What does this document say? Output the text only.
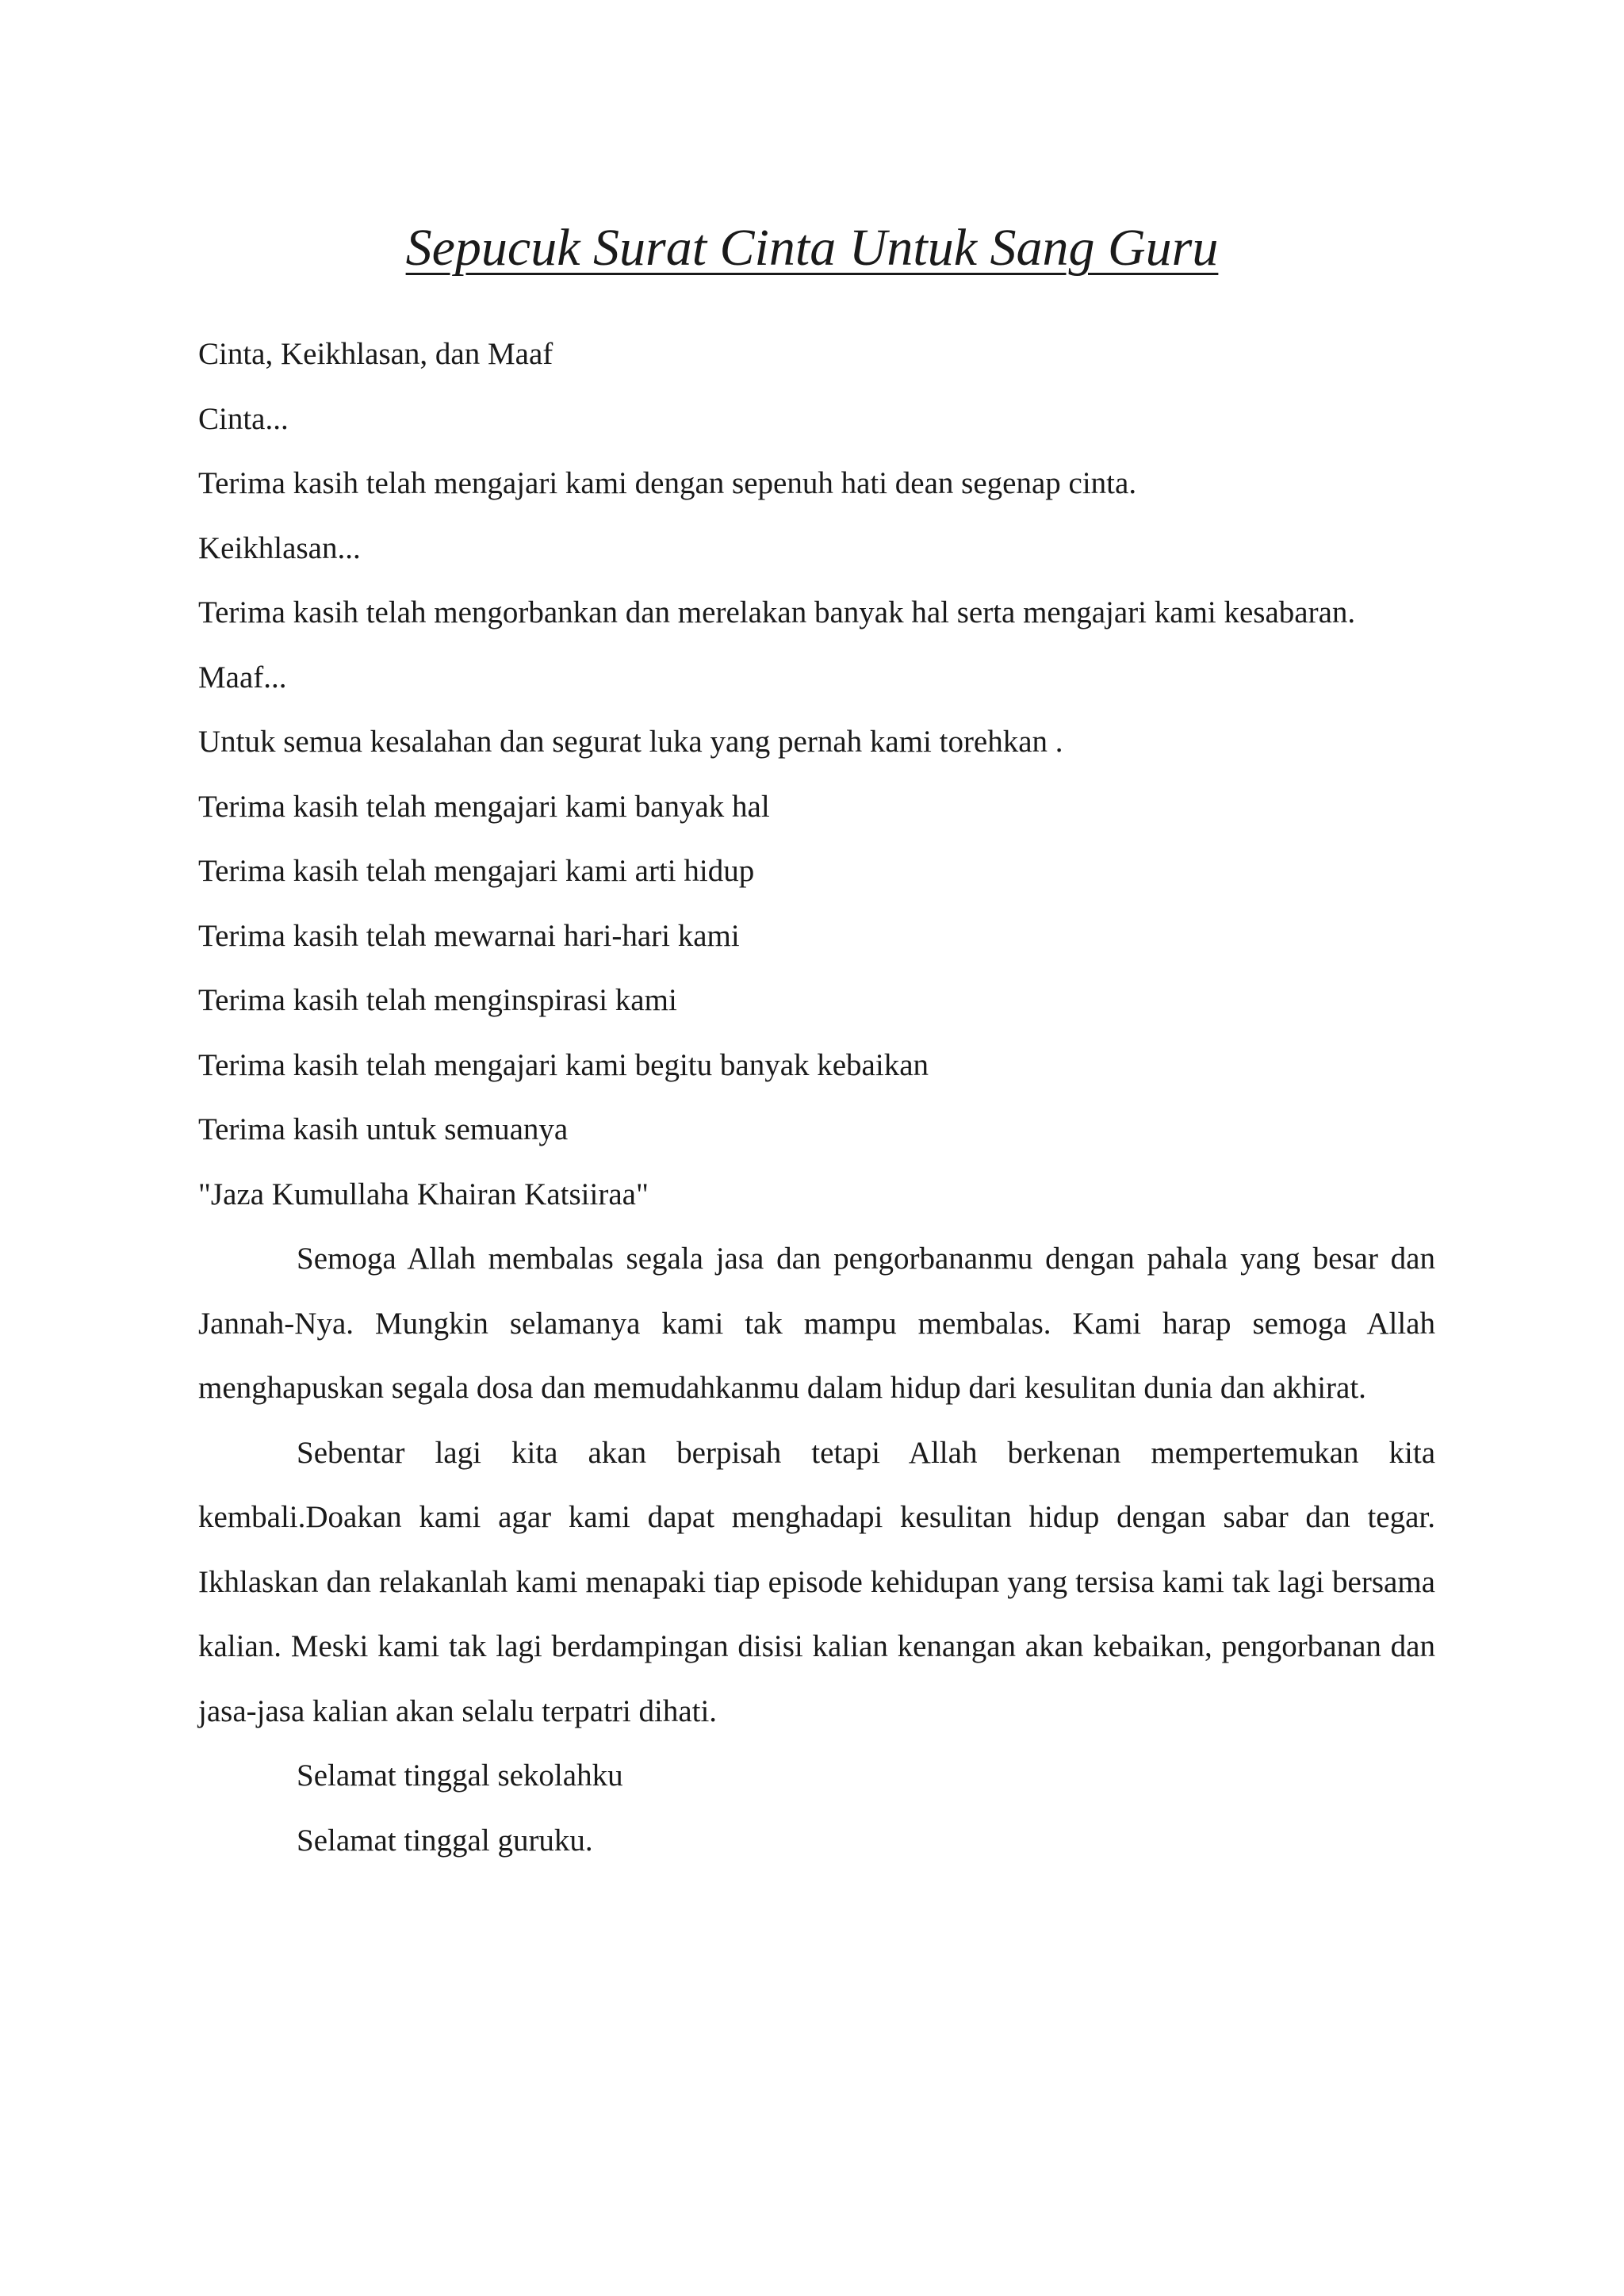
Sepucuk Surat Cinta Untuk Sang Guru

Cinta, Keikhlasan, dan Maaf

Cinta...

Terima kasih telah mengajari kami dengan sepenuh hati dean segenap cinta.

Keikhlasan...

Terima kasih telah mengorbankan dan merelakan banyak hal serta mengajari kami kesabaran.

Maaf...

Untuk semua kesalahan dan segurat luka yang pernah kami torehkan .

Terima kasih telah mengajari kami banyak hal

Terima kasih telah mengajari kami arti hidup

Terima kasih telah mewarnai hari-hari kami

Terima kasih telah menginspirasi kami

Terima kasih telah mengajari kami begitu banyak kebaikan

Terima kasih untuk semuanya

"Jaza Kumullaha Khairan Katsiiraa"

Semoga Allah membalas segala jasa dan pengorbananmu dengan pahala yang besar dan Jannah-Nya. Mungkin selamanya kami tak mampu membalas. Kami harap semoga Allah menghapuskan segala dosa dan memudahkanmu dalam hidup dari kesulitan dunia dan akhirat.

Sebentar lagi kita akan berpisah tetapi Allah berkenan mempertemukan kita kembali.Doakan kami agar kami dapat menghadapi kesulitan hidup dengan sabar dan tegar. Ikhlaskan dan relakanlah kami menapaki tiap episode kehidupan yang tersisa kami tak lagi bersama kalian. Meski kami tak lagi berdampingan disisi kalian kenangan akan kebaikan, pengorbanan dan jasa-jasa kalian akan selalu terpatri dihati.

Selamat tinggal sekolahku

Selamat tinggal guruku.
